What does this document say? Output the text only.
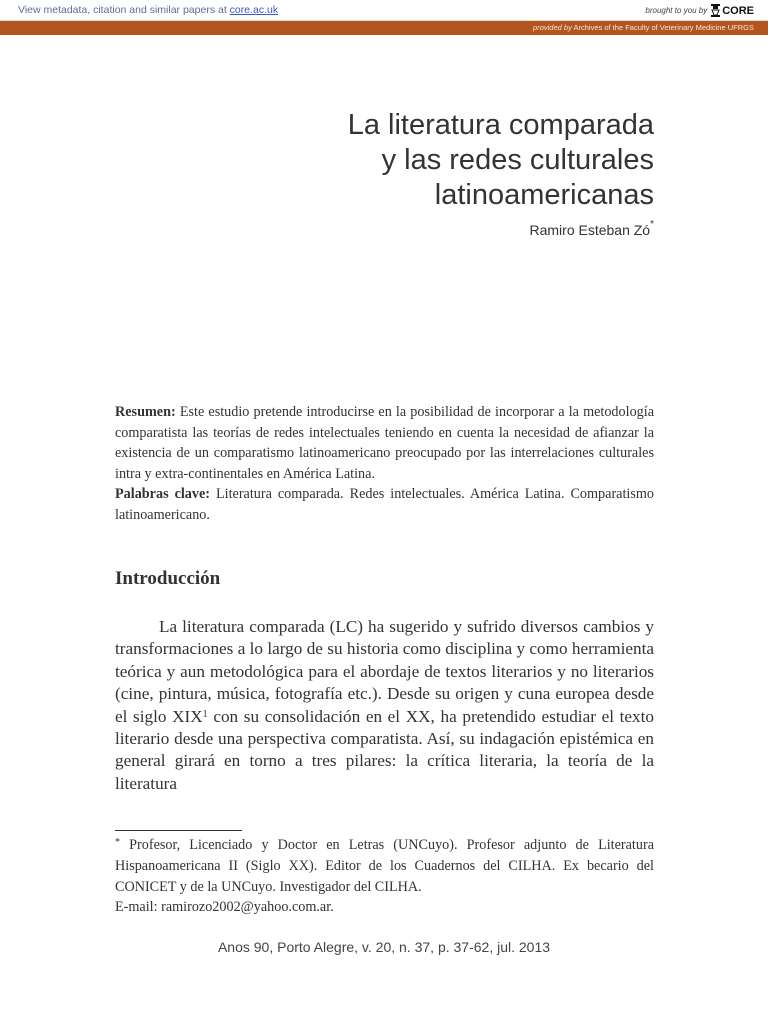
View metadata, citation and similar papers at core.ac.uk	brought to you by CORE
provided by Archives of the Faculty of Veterinary Medicine UFRGS
La literatura comparada
y las redes culturales
latinoamericanas
Ramiro Esteban Zó*

Resumen: Este estudio pretende introducirse en la posibilidad de incorporar a la metodología comparatista las teorías de redes intelectuales teniendo en cuenta la necesidad de afianzar la existencia de un comparatismo latinoamericano preocupado por las interrelaciones culturales intra y extra-continentales en América Latina.

Palabras clave: Literatura comparada. Redes intelectuales. América Latina. Comparatismo latinoamericano.

Introducción

La literatura comparada (LC) ha sugerido y sufrido diversos cambios y transformaciones a lo largo de su historia como disciplina y como herramienta teórica y aun metodológica para el abordaje de textos literarios y no literarios (cine, pintura, música, fotografía etc.). Desde su origen y cuna europea desde el siglo XIX$^1$ con su consolidación en el XX, ha pretendido estudiar el texto literario desde una perspectiva comparatista. Así, su indagación epistémica en general girará en torno a tres pilares: la crítica literaria, la teoría de la literatura

* Profesor, Licenciado y Doctor en Letras (UNCuyo). Profesor adjunto de Literatura Hispanoamericana II (Siglo XX). Editor de los Cuadernos del CILHA. Ex becario del CONICET y de la UNCuyo. Investigador del CILHA.

E-mail: ramirozo2002@yahoo.com.ar.

Anos 90, Porto Alegre, v. 20, n. 37, p. 37-62, jul. 2013
